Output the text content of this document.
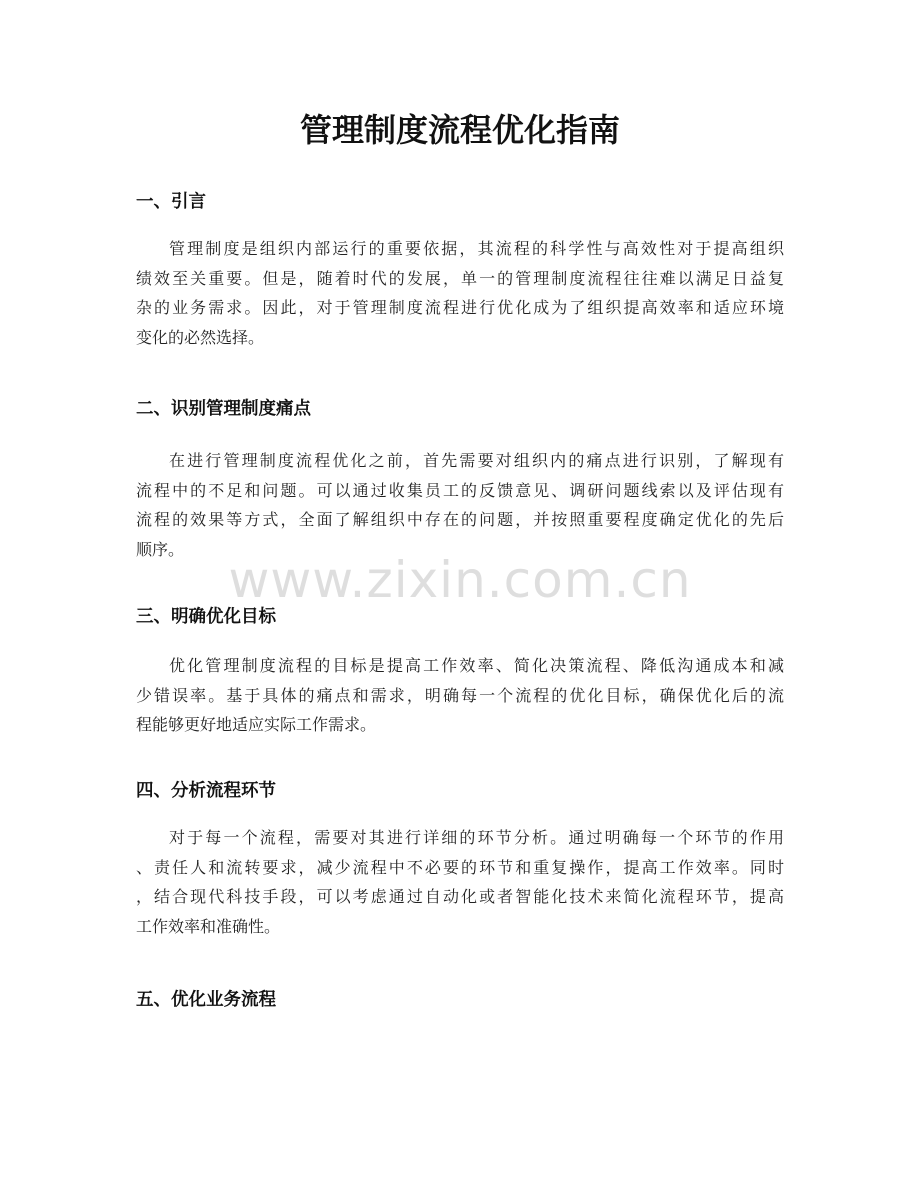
www.zixin.com.cn
管理制度流程优化指南
一、引言
管理制度是组织内部运行的重要依据，其流程的科学性与高效性对于提高组织
绩效至关重要。但是，随着时代的发展，单一的管理制度流程往往难以满足日益复
杂的业务需求。因此，对于管理制度流程进行优化成为了组织提高效率和适应环境
变化的必然选择。
二、识别管理制度痛点
在进行管理制度流程优化之前，首先需要对组织内的痛点进行识别，了解现有
流程中的不足和问题。可以通过收集员工的反馈意见、调研问题线索以及评估现有
流程的效果等方式，全面了解组织中存在的问题，并按照重要程度确定优化的先后
顺序。
三、明确优化目标
优化管理制度流程的目标是提高工作效率、简化决策流程、降低沟通成本和减
少错误率。基于具体的痛点和需求，明确每一个流程的优化目标，确保优化后的流
程能够更好地适应实际工作需求。
四、分析流程环节
对于每一个流程，需要对其进行详细的环节分析。通过明确每一个环节的作用
、责任人和流转要求，减少流程中不必要的环节和重复操作，提高工作效率。同时
，结合现代科技手段，可以考虑通过自动化或者智能化技术来简化流程环节，提高
工作效率和准确性。
五、优化业务流程
